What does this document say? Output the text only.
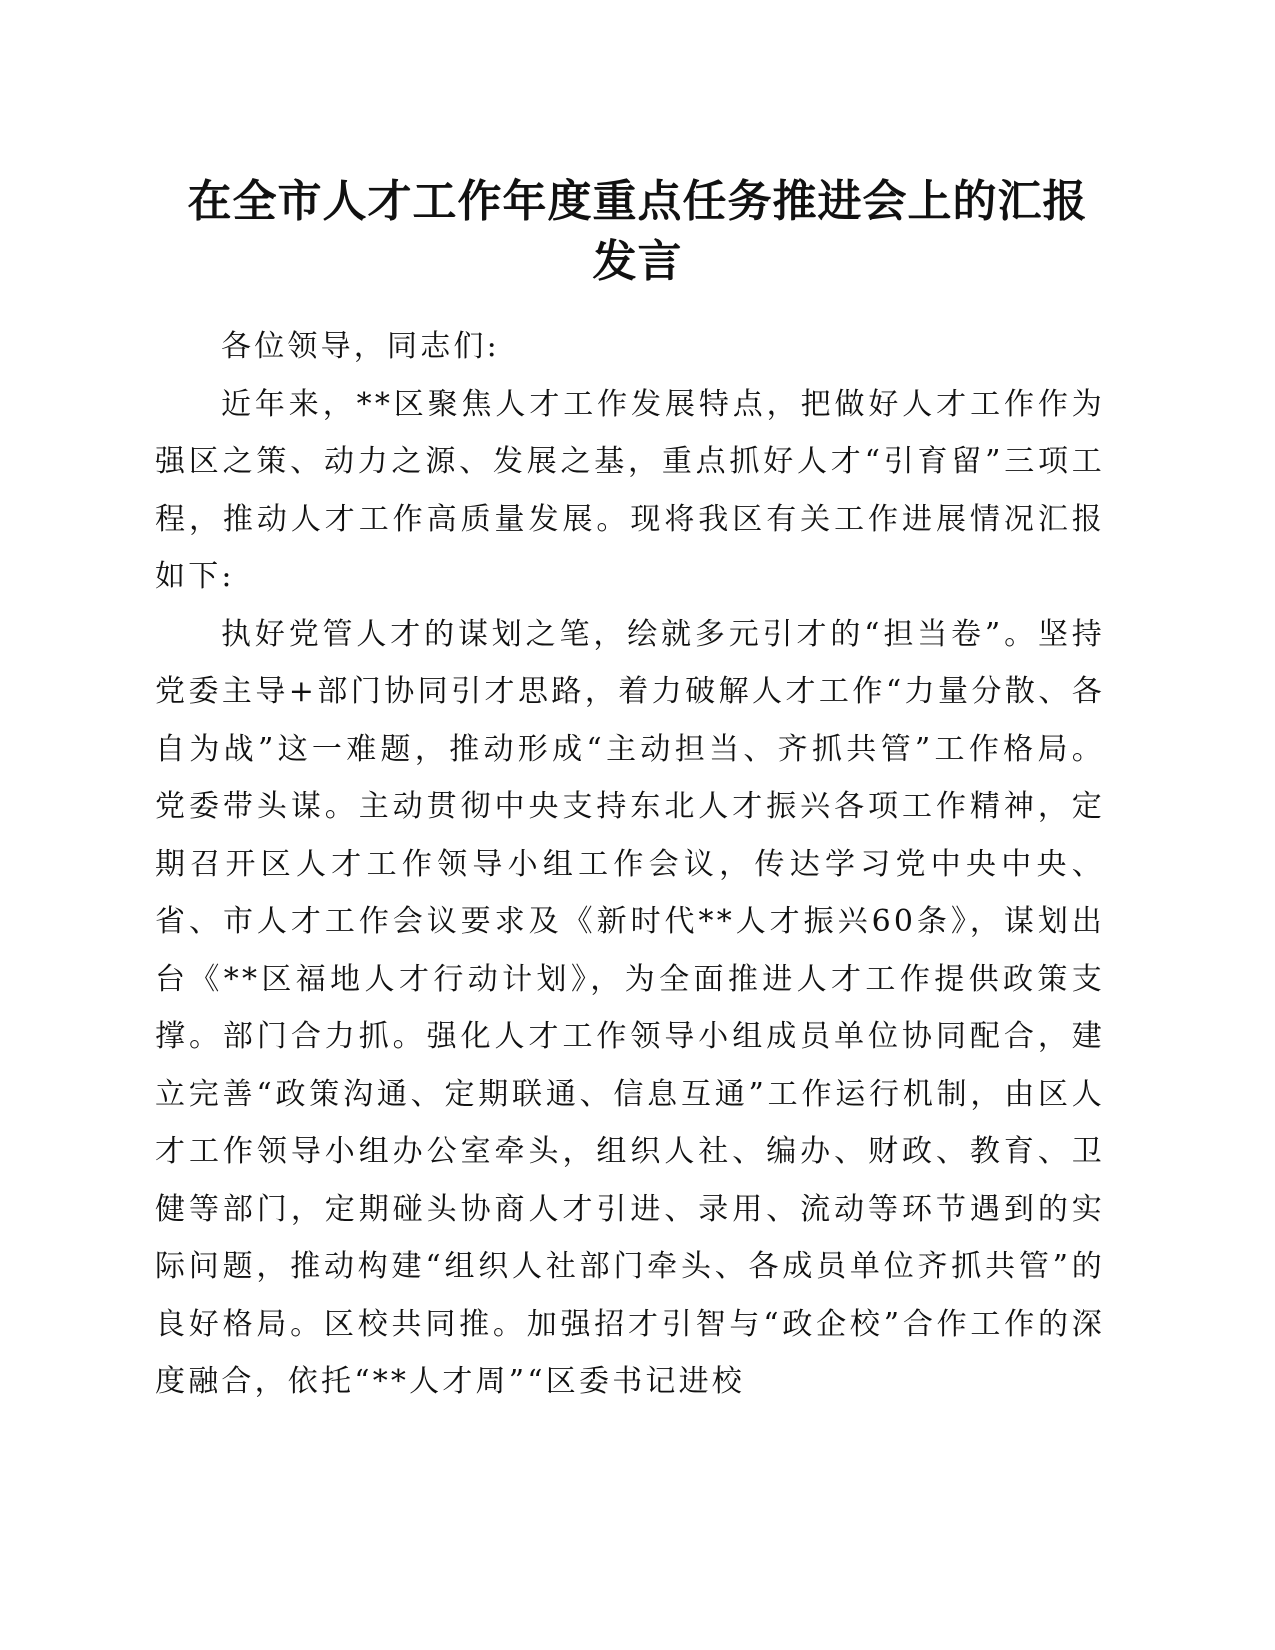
在全市人才工作年度重点任务推进会上的汇报
发言

各位领导，同志们:

近年来，**区聚焦人才工作发展特点，把做好人才工作作为强区之策、动力之源、发展之基，重点抓好人才“引育留”三项工程，推动人才工作高质量发展。现将我区有关工作进展情况汇报如下:

执好党管人才的谋划之笔，绘就多元引才的“担当卷”。坚持党委主导+部门协同引才思路，着力破解人才工作“力量分散、各自为战”这一难题，推动形成“主动担当、齐抓共管”工作格局。党委带头谋。主动贯彻中央支持东北人才振兴各项工作精神，定期召开区人才工作领导小组工作会议，传达学习党中央中央、省、市人才工作会议要求及《新时代**人才振兴60条》，谋划出台《**区福地人才行动计划》，为全面推进人才工作提供政策支撑。部门合力抓。强化人才工作领导小组成员单位协同配合，建立完善“政策沟通、定期联通、信息互通”工作运行机制，由区人才工作领导小组办公室牵头，组织人社、编办、财政、教育、卫健等部门，定期碰头协商人才引进、录用、流动等环节遇到的实际问题，推动构建“组织人社部门牵头、各成员单位齐抓共管”的良好格局。区校共同推。加强招才引智与“政企校”合作工作的深度融合，依托“**人才周”“区委书记进校
